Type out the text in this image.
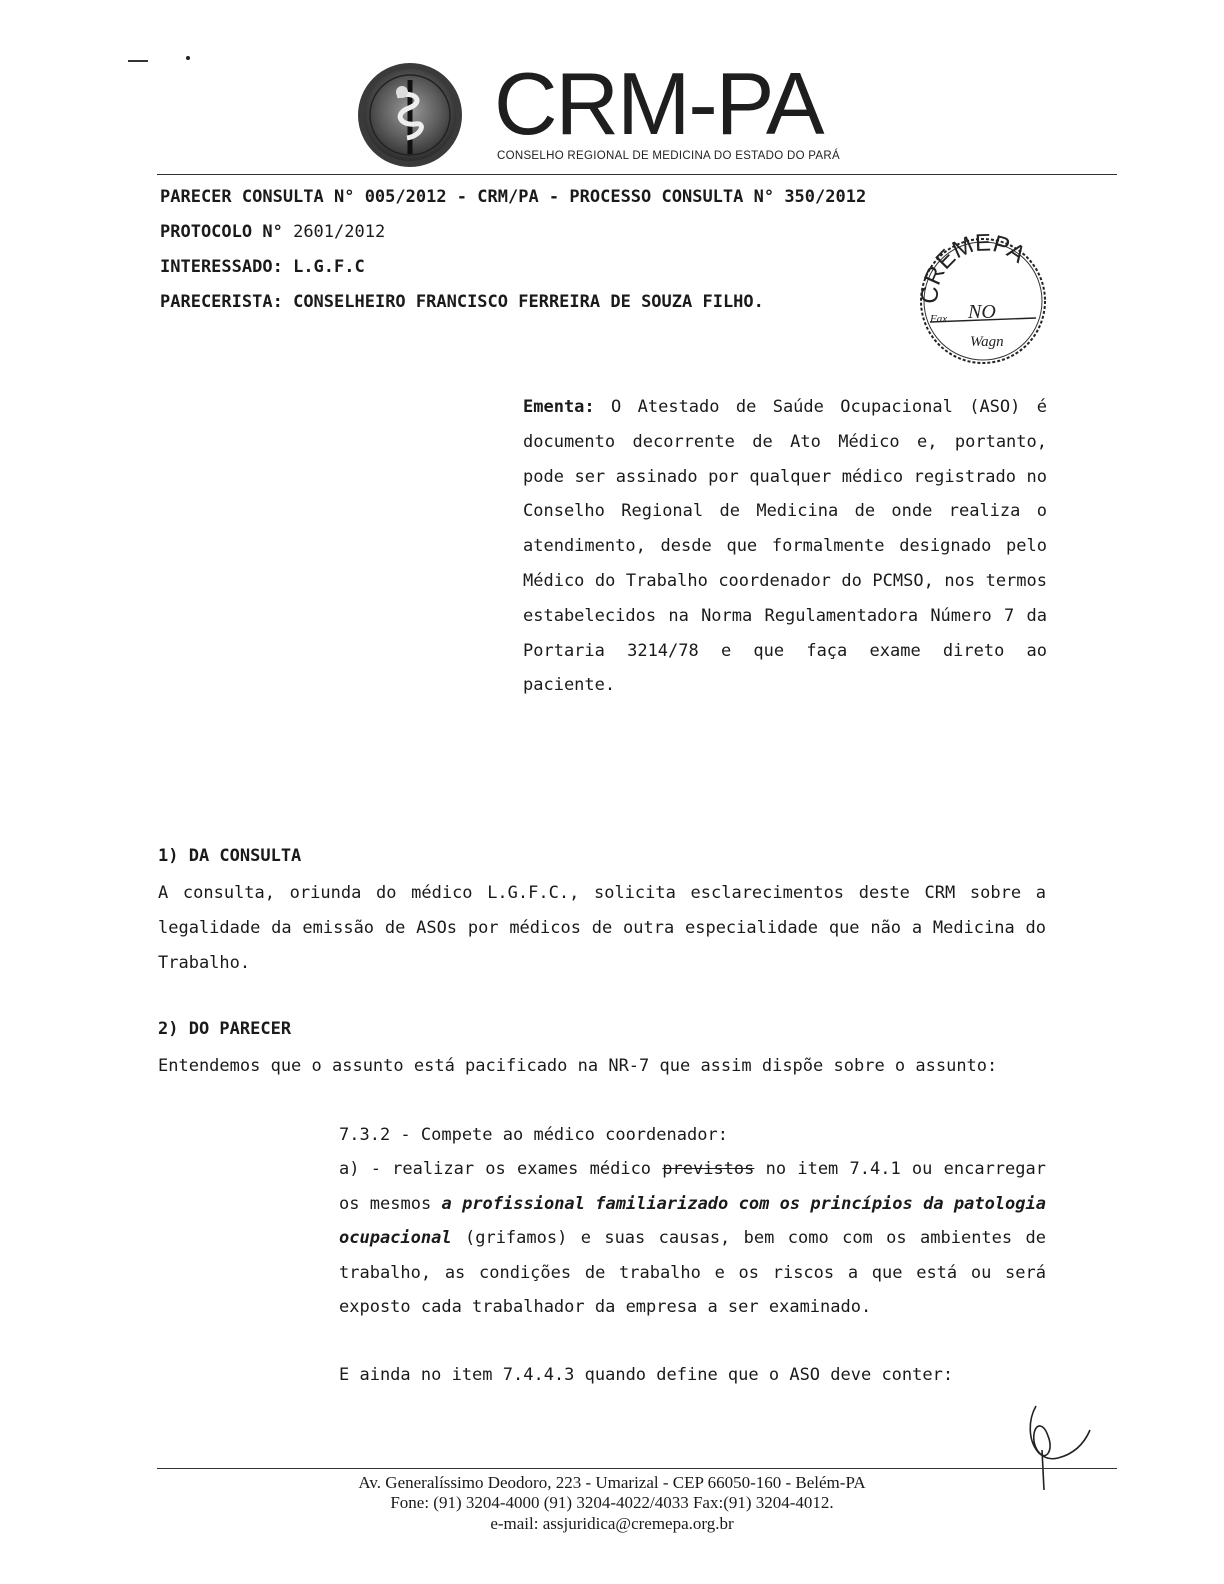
CRM-PA
CONSELHO REGIONAL DE MEDICINA DO ESTADO DO PARÁ
PARECER CONSULTA N° 005/2012 - CRM/PA - PROCESSO CONSULTA N° 350/2012
PROTOCOLO N° 2601/2012
INTERESSADO: L.G.F.C
PARECERISTA: CONSELHEIRO FRANCISCO FERREIRA DE SOUZA FILHO.	CREMEPA
Fax NO
Wagn
Ementa: O Atestado de Saúde Ocupacional (ASO) é documento decorrente de Ato Médico e, portanto, pode ser assinado por qualquer médico registrado no Conselho Regional de Medicina de onde realiza o atendimento, desde que formalmente designado pelo Médico do Trabalho coordenador do PCMSO, nos termos estabelecidos na Norma Regulamentadora Número 7 da Portaria 3214/78 e que faça exame direto ao paciente.
1) DA CONSULTA
A consulta, oriunda do médico L.G.F.C., solicita esclarecimentos deste CRM sobre a legalidade da emissão de ASOs por médicos de outra especialidade que não a Medicina do Trabalho.
2) DO PARECER
Entendemos que o assunto está pacificado na NR-7 que assim dispõe sobre o assunto:
7.3.2 - Compete ao médico coordenador:
a) - realizar os exames médico previstos no item 7.4.1 ou encarregar os mesmos a profissional familiarizado com os princípios da patologia ocupacional (grifamos) e suas causas, bem como com os ambientes de trabalho, as condições de trabalho e os riscos a que está ou será exposto cada trabalhador da empresa a ser examinado.
E ainda no item 7.4.4.3 quando define que o ASO deve conter:
Av. Generalíssimo Deodoro, 223 - Umarizal - CEP 66050-160 - Belém-PA
Fone: (91) 3204-4000 (91) 3204-4022/4033 Fax:(91) 3204-4012.
e-mail: assjuridica@cremepa.org.br
